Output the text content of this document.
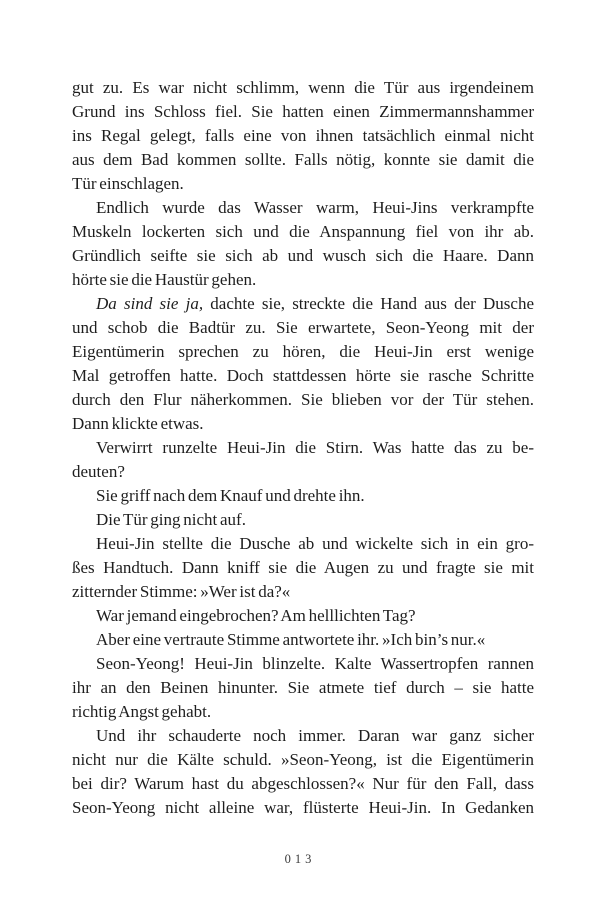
gut zu. Es war nicht schlimm, wenn die Tür aus irgendeinem
Grund ins Schloss fiel. Sie hatten einen Zimmermannshammer
ins Regal gelegt, falls eine von ihnen tatsächlich einmal nicht
aus dem Bad kommen sollte. Falls nötig, konnte sie damit die
Tür einschlagen.
Endlich wurde das Wasser warm, Heui-Jins verkrampfte
Muskeln lockerten sich und die Anspannung fiel von ihr ab.
Gründlich seifte sie sich ab und wusch sich die Haare. Dann
hörte sie die Haustür gehen.
Da sind sie ja, dachte sie, streckte die Hand aus der Dusche
und schob die Badtür zu. Sie erwartete, Seon-Yeong mit der
Eigentümerin sprechen zu hören, die Heui-Jin erst wenige
Mal getroffen hatte. Doch stattdessen hörte sie rasche Schritte
durch den Flur näherkommen. Sie blieben vor der Tür stehen.
Dann klickte etwas.
Verwirrt runzelte Heui-Jin die Stirn. Was hatte das zu be-
deuten?
Sie griff nach dem Knauf und drehte ihn.
Die Tür ging nicht auf.
Heui-Jin stellte die Dusche ab und wickelte sich in ein gro-
ßes Handtuch. Dann kniff sie die Augen zu und fragte sie mit
zitternder Stimme: »Wer ist da?«
War jemand eingebrochen? Am helllichten Tag?
Aber eine vertraute Stimme antwortete ihr. »Ich bin’s nur.«
Seon-Yeong! Heui-Jin blinzelte. Kalte Wassertropfen rannen
ihr an den Beinen hinunter. Sie atmete tief durch – sie hatte
richtig Angst gehabt.
Und ihr schauderte noch immer. Daran war ganz sicher
nicht nur die Kälte schuld. »Seon-Yeong, ist die Eigentümerin
bei dir? Warum hast du abgeschlossen?« Nur für den Fall, dass
Seon-Yeong nicht alleine war, flüsterte Heui-Jin. In Gedanken
013
